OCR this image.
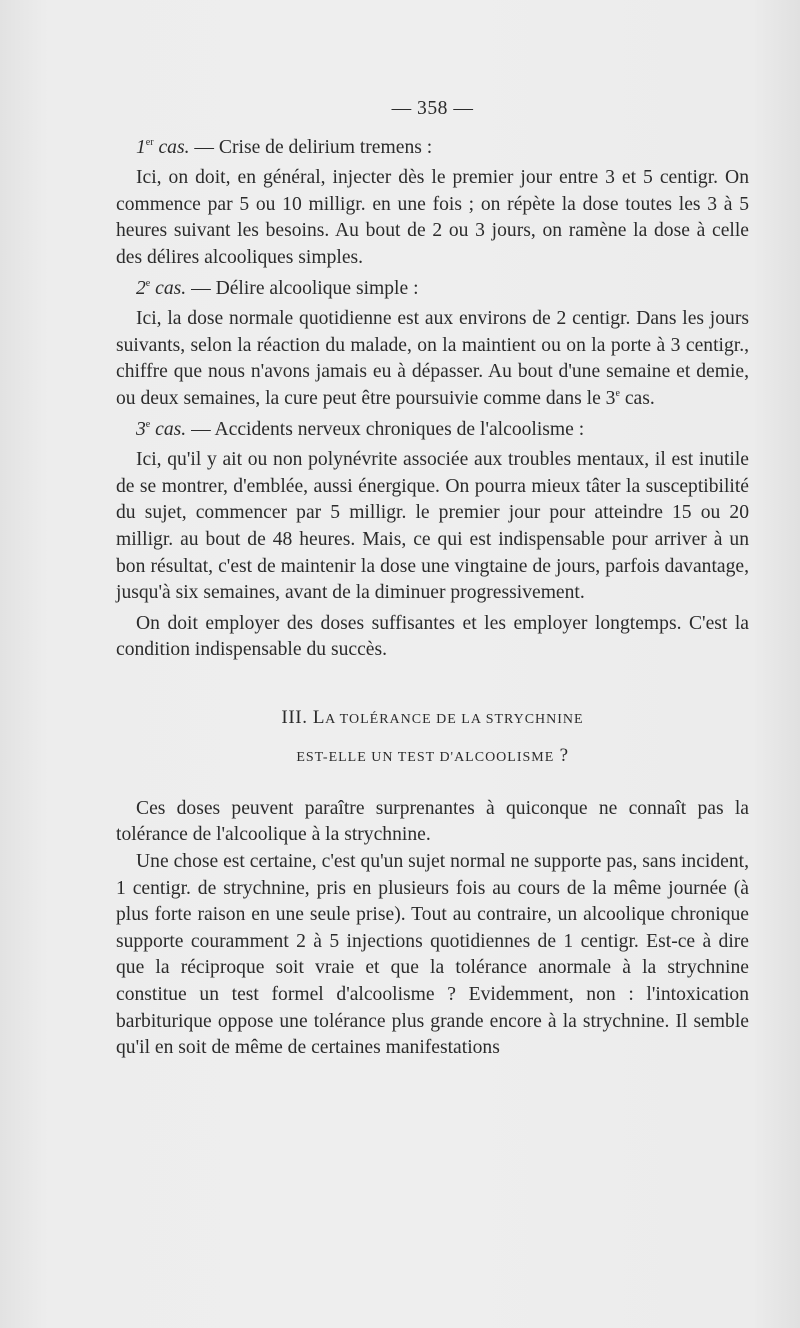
— 358 —

1er cas. — Crise de delirium tremens :

Ici, on doit, en général, injecter dès le premier jour entre 3 et 5 centigr. On commence par 5 ou 10 milligr. en une fois ; on répète la dose toutes les 3 à 5 heures suivant les besoins. Au bout de 2 ou 3 jours, on ramène la dose à celle des délires alcooliques simples.

2e cas. — Délire alcoolique simple :

Ici, la dose normale quotidienne est aux environs de 2 centigr. Dans les jours suivants, selon la réaction du malade, on la maintient ou on la porte à 3 centigr., chiffre que nous n'avons jamais eu à dépasser. Au bout d'une semaine et demie, ou deux semaines, la cure peut être poursuivie comme dans le 3e cas.

3e cas. — Accidents nerveux chroniques de l'alcoolisme :

Ici, qu'il y ait ou non polynévrite associée aux troubles mentaux, il est inutile de se montrer, d'emblée, aussi énergique. On pourra mieux tâter la susceptibilité du sujet, commencer par 5 milligr. le premier jour pour atteindre 15 ou 20 milligr. au bout de 48 heures. Mais, ce qui est indispensable pour arriver à un bon résultat, c'est de maintenir la dose une vingtaine de jours, parfois davantage, jusqu'à six semaines, avant de la diminuer progressivement.

On doit employer des doses suffisantes et les employer longtemps. C'est la condition indispensable du succès.

III. LA TOLÉRANCE DE LA STRYCHNINE
EST-ELLE UN TEST D'ALCOOLISME ?

Ces doses peuvent paraître surprenantes à quiconque ne connaît pas la tolérance de l'alcoolique à la strychnine.

Une chose est certaine, c'est qu'un sujet normal ne supporte pas, sans incident, 1 centigr. de strychnine, pris en plusieurs fois au cours de la même journée (à plus forte raison en une seule prise). Tout au contraire, un alcoolique chronique supporte couramment 2 à 5 injections quotidiennes de 1 centigr. Est-ce à dire que la réciproque soit vraie et que la tolérance anormale à la strychnine constitue un test formel d'alcoolisme ? Evidemment, non : l'intoxication barbiturique oppose une tolérance plus grande encore à la strychnine. Il semble qu'il en soit de même de certaines manifestations
